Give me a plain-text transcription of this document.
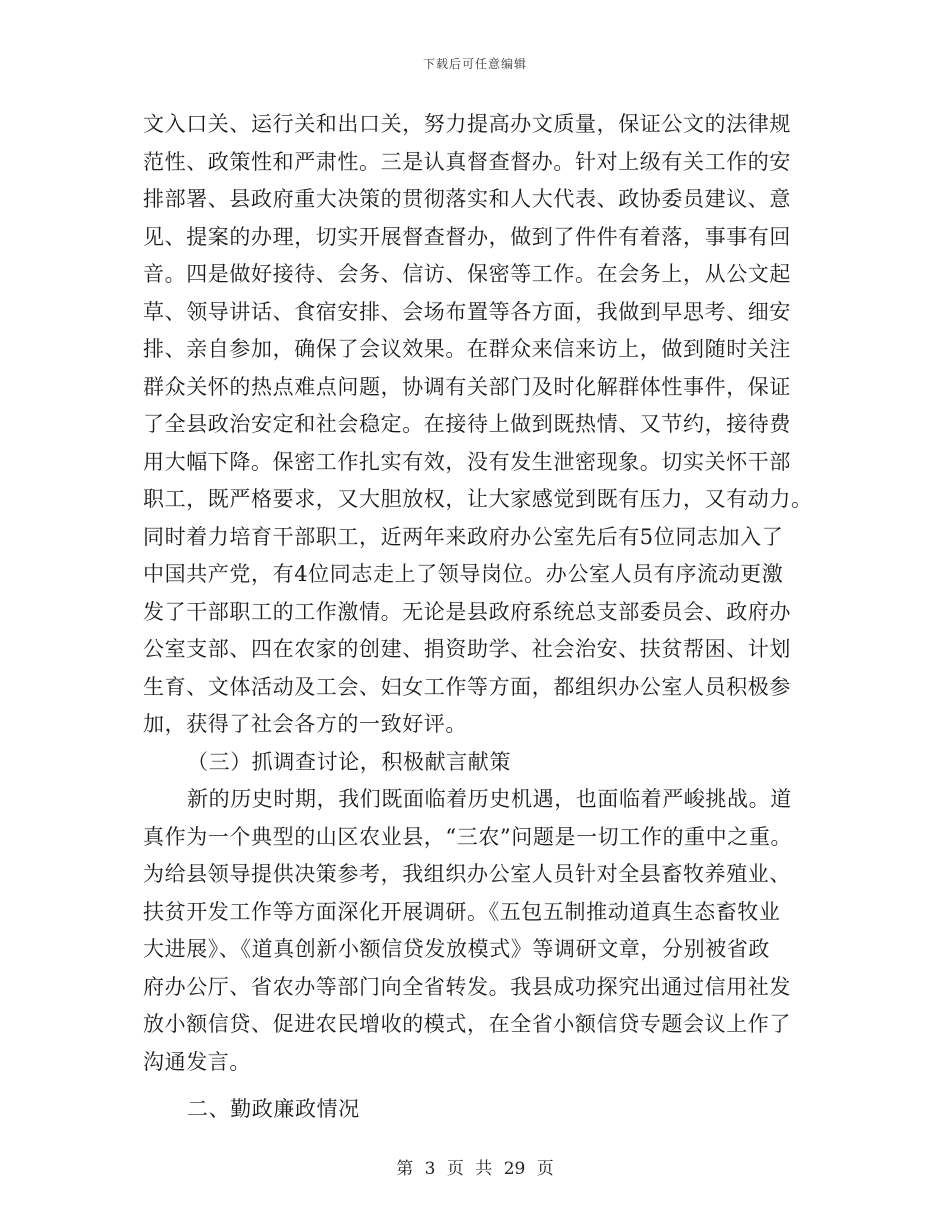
下载后可任意编辑
文入口关、运行关和出口关，努力提高办文质量，保证公文的法律规
范性、政策性和严肃性。三是认真督查督办。针对上级有关工作的安
排部署、县政府重大决策的贯彻落实和人大代表、政协委员建议、意
见、提案的办理，切实开展督查督办，做到了件件有着落，事事有回
音。四是做好接待、会务、信访、保密等工作。在会务上，从公文起
草、领导讲话、食宿安排、会场布置等各方面，我做到早思考、细安
排、亲自参加，确保了会议效果。在群众来信来访上，做到随时关注
群众关怀的热点难点问题，协调有关部门及时化解群体性事件，保证
了全县政治安定和社会稳定。在接待上做到既热情、又节约，接待费
用大幅下降。保密工作扎实有效，没有发生泄密现象。切实关怀干部
职工，既严格要求，又大胆放权，让大家感觉到既有压力，又有动力。
同时着力培育干部职工，近两年来政府办公室先后有5位同志加入了
中国共产党，有4位同志走上了领导岗位。办公室人员有序流动更激
发了干部职工的工作激情。无论是县政府系统总支部委员会、政府办
公室支部、四在农家的创建、捐资助学、社会治安、扶贫帮困、计划
生育、文体活动及工会、妇女工作等方面，都组织办公室人员积极参
加，获得了社会各方的一致好评。
（三）抓调查讨论，积极献言献策
新的历史时期，我们既面临着历史机遇，也面临着严峻挑战。道
真作为一个典型的山区农业县，“三农”问题是一切工作的重中之重。
为给县领导提供决策参考，我组织办公室人员针对全县畜牧养殖业、
扶贫开发工作等方面深化开展调研。《五包五制推动道真生态畜牧业
大进展》、《道真创新小额信贷发放模式》等调研文章，分别被省政
府办公厅、省农办等部门向全省转发。我县成功探究出通过信用社发
放小额信贷、促进农民增收的模式，在全省小额信贷专题会议上作了
沟通发言。
二、勤政廉政情况
第 3 页 共 29 页
